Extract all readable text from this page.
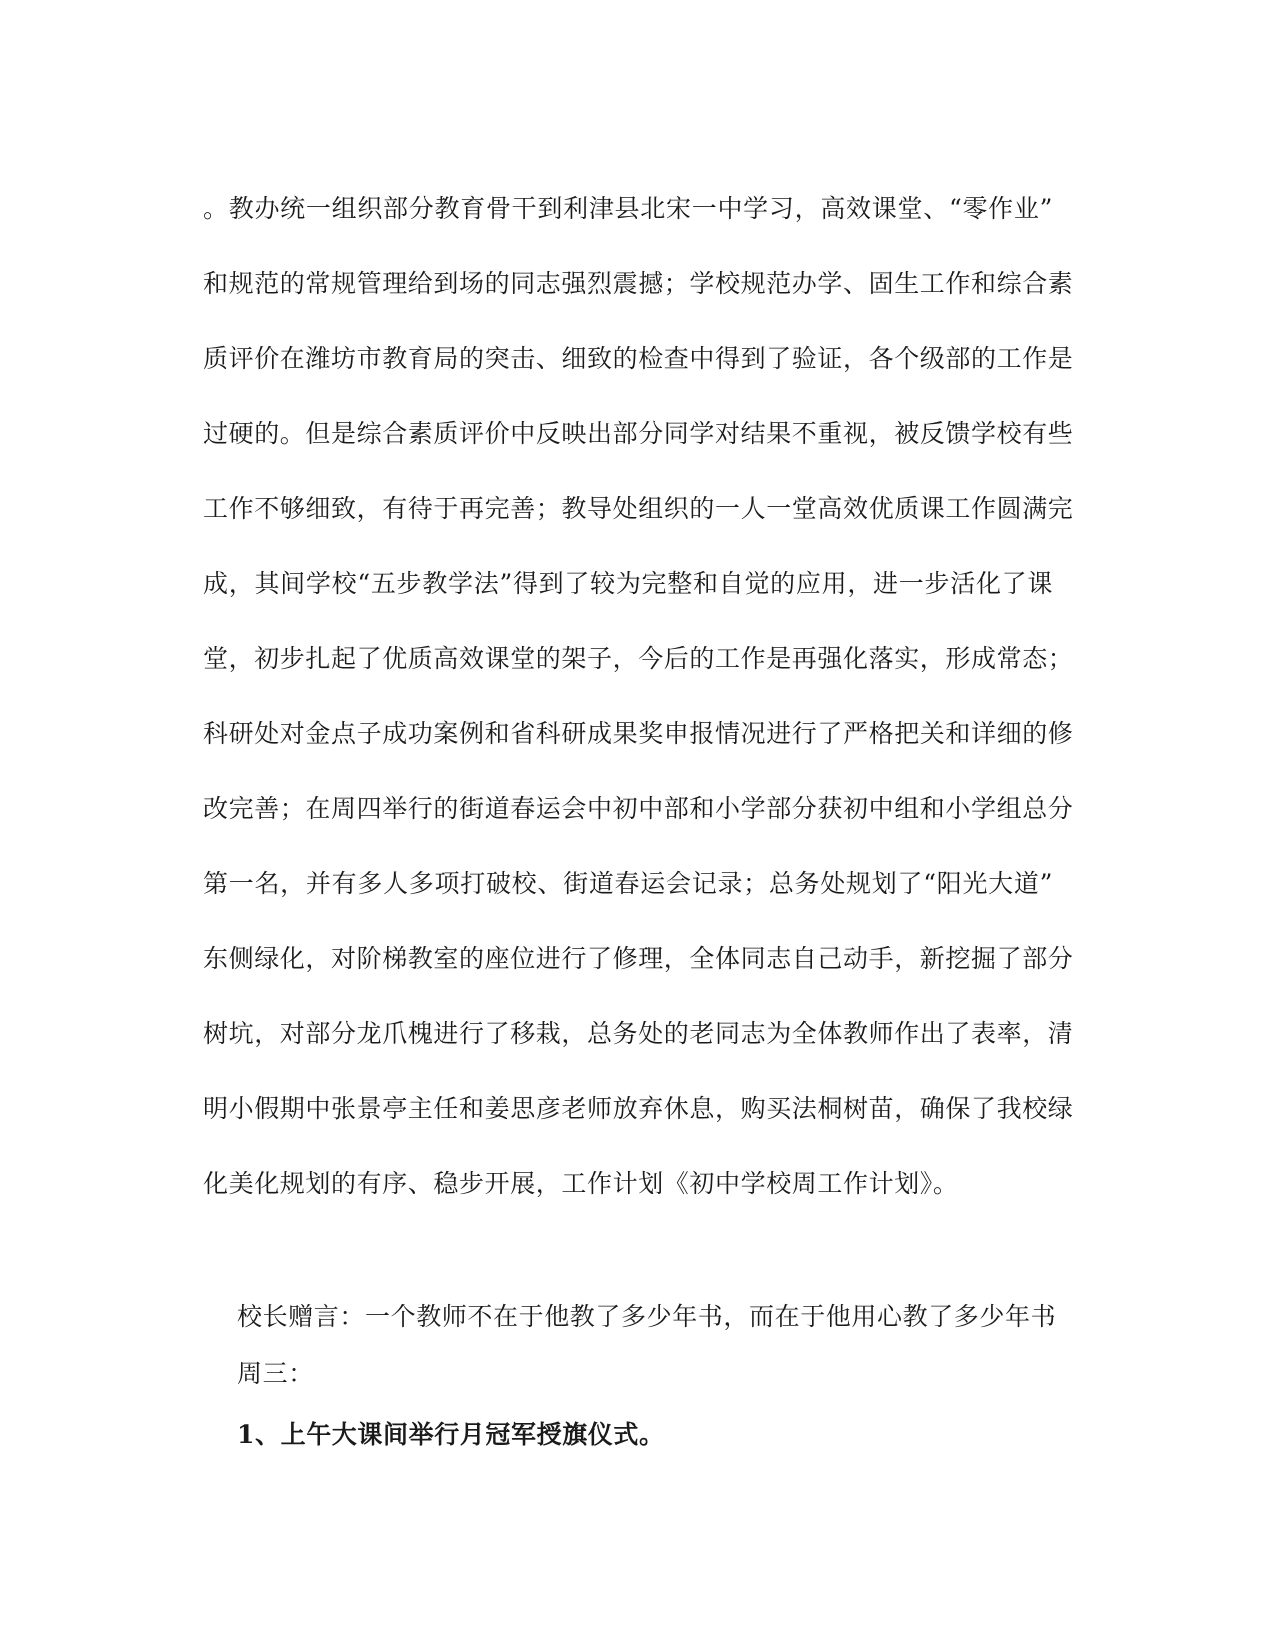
。教办统一组织部分教育骨干到利津县北宋一中学习，高效课堂、“零作业”
和规范的常规管理给到场的同志强烈震撼；学校规范办学、固生工作和综合素
质评价在潍坊市教育局的突击、细致的检查中得到了验证，各个级部的工作是
过硬的。但是综合素质评价中反映出部分同学对结果不重视，被反馈学校有些
工作不够细致，有待于再完善；教导处组织的一人一堂高效优质课工作圆满完
成，其间学校“五步教学法”得到了较为完整和自觉的应用，进一步活化了课
堂，初步扎起了优质高效课堂的架子，今后的工作是再强化落实，形成常态；
科研处对金点子成功案例和省科研成果奖申报情况进行了严格把关和详细的修
改完善；在周四举行的街道春运会中初中部和小学部分获初中组和小学组总分
第一名，并有多人多项打破校、街道春运会记录；总务处规划了“阳光大道”
东侧绿化，对阶梯教室的座位进行了修理，全体同志自己动手，新挖掘了部分
树坑，对部分龙爪槐进行了移栽，总务处的老同志为全体教师作出了表率，清
明小假期中张景亭主任和姜思彦老师放弃休息，购买法桐树苗，确保了我校绿
化美化规划的有序、稳步开展，工作计划《初中学校周工作计划》。
校长赠言：一个教师不在于他教了多少年书，而在于他用心教了多少年书
周三：
1、上午大课间举行月冠军授旗仪式。
